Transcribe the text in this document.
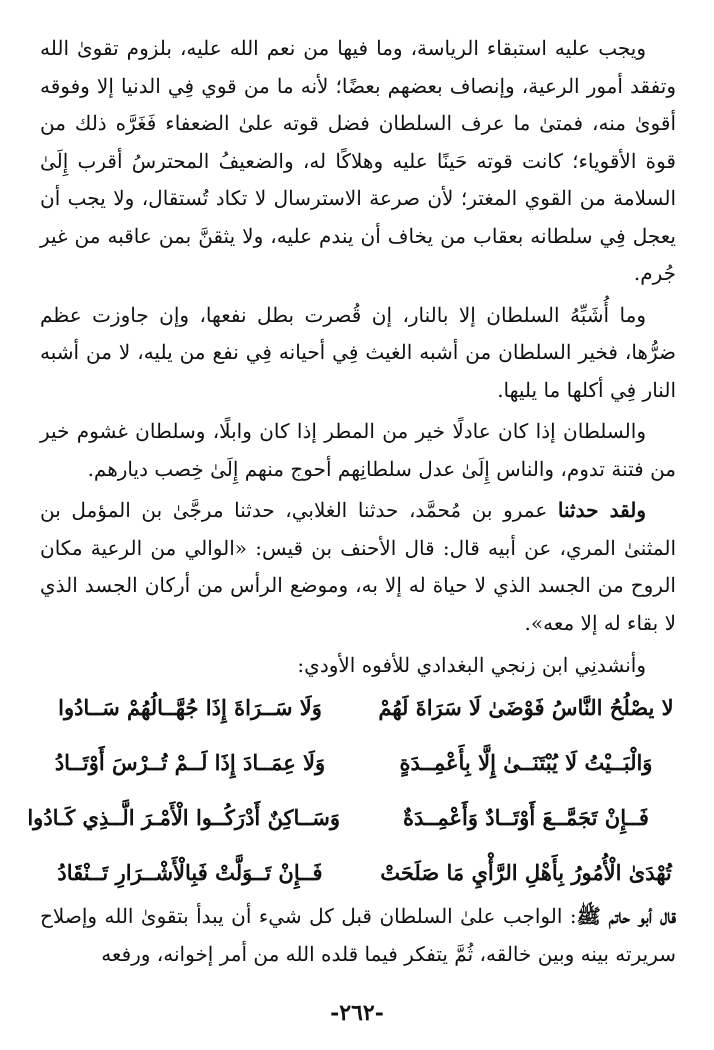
ويجب عليه استبقاء الرياسة، وما فيها من نعم الله عليه، بلزوم تقوىٰ الله وتفقد أمور الرعية، وإنصاف بعضهم بعضًا؛ لأنه ما من قوي فِي الدنيا إلا وفوقه أقوىٰ منه، فمتىٰ ما عرف السلطان فضل قوته علىٰ الضعفاء فَغَرَّه ذلك من قوة الأقوياء؛ كانت قوته حَينًا عليه وهلاكًا له، والضعيفُ المحترسُ أقرب إِلَىٰ السلامة من القوي المغتر؛ لأن صرعة الاسترسال لا تكاد تُستقال، ولا يجب أن يعجل فِي سلطانه بعقاب من يخاف أن يندم عليه، ولا يثقنَّ بمن عاقبه من غير جُرم.

وما أُشَبِّهُ السلطان إلا بالنار، إن قُصرت بطل نفعها، وإن جاوزت عظم ضرُّها، فخير السلطان من أشبه الغيث فِي أحيانه فِي نفع من يليه، لا من أشبه النار فِي أكلها ما يليها.

والسلطان إذا كان عادلًا خير من المطر إذا كان وابلًا، وسلطان غشوم خير من فتنة تدوم، والناس إِلَىٰ عدل سلطانِهم أحوج منهم إِلَىٰ خِصب ديارهم.

ولقد حدثنا عمرو بن مُحمَّد، حدثنا الغلابي، حدثنا مرجَّىٰ بن المؤمل بن المثنىٰ المري، عن أبيه قال: قال الأحنف بن قيس: «الوالي من الرعية مكان الروح من الجسد الذي لا حياة له إلا به، وموضع الرأس من أركان الجسد الذي لا بقاء له إلا معه».

وأنشدنِي ابن زنجي البغدادي للأفوه الأودي:
لا يصْلُحُ النَّاسُ فَوْضَىٰ لَا سَرَاةَ لَهُمْ
وَلَا سَــرَاةَ إِذَا جُهَّــالُهُمْ سَــادُوا
وَالْبَــيْتُ لَا يُبْتَنَــىٰ إِلَّا بِأَعْمِــدَةٍ
وَلَا عِمَــادَ إِذَا لَــمْ تُــرْسَ أَوْتَــادُ
فَــإِنْ تَجَمَّــعَ أَوْتَــادٌ وَأَعْمِــدَةٌ
وَسَــاكِنٌ أَدْرَكُــوا الْأَمْـرَ الَّــذِي كَـادُوا
تُهْدَىٰ الْأُمُورُ بِأَهْلِ الرَّأْيِ مَا صَلَحَتْ
فَــإِنْ تَــوَلَّتْ فَبِالْأَشْــرَارِ تَــنْقَادُ
قال أبو حاتم ﷺ: الواجب علىٰ السلطان قبل كل شيء أن يبدأ بتقوىٰ الله وإصلاح سريرته بينه وبين خالقه، ثُمَّ يتفكر فيما قلده الله من أمر إخوانه، ورفعه
-٢٦٢-
